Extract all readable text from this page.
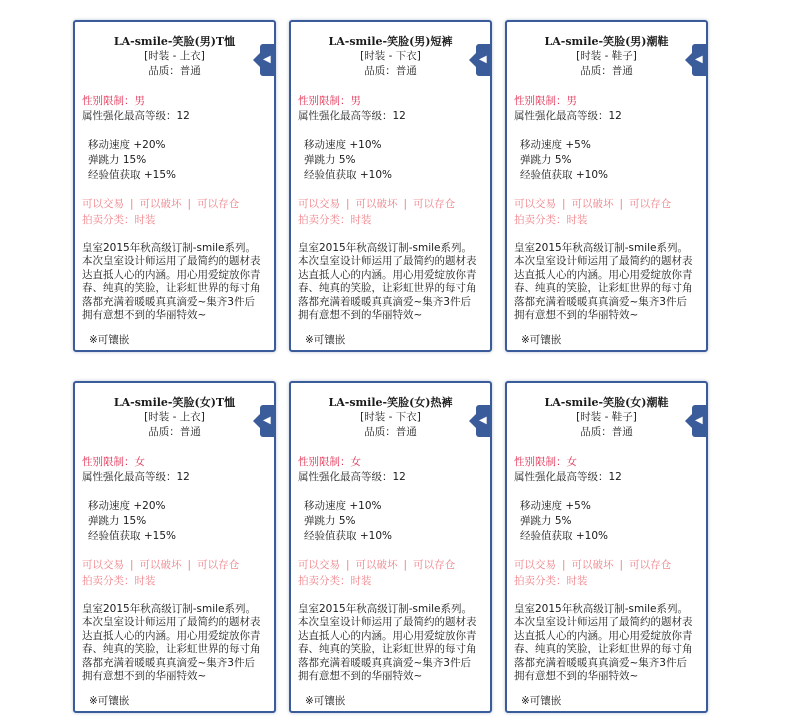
◀
LA-smile-笑脸(男)T恤
[时装 - 上衣]
品质：普通
性别限制：男
属性强化最高等级：12
移动速度 +20%
弹跳力 15%
经验值获取 +15%
可以交易 | 可以破坏 | 可以存仓
拍卖分类：时装
皇室2015年秋高级订制-smile系列。本次皇室设计师运用了最简约的题材表达直抵人心的内涵。用心用爱绽放你青春、纯真的笑脸，让彩虹世界的每寸角落都充满着暖暖真真滴爱~集齐3件后拥有意想不到的华丽特效~
※可镶嵌
◀
LA-smile-笑脸(男)短裤
[时装 - 下衣]
品质：普通
性别限制：男
属性强化最高等级：12
移动速度 +10%
弹跳力 5%
经验值获取 +10%
可以交易 | 可以破坏 | 可以存仓
拍卖分类：时装
皇室2015年秋高级订制-smile系列。本次皇室设计师运用了最简约的题材表达直抵人心的内涵。用心用爱绽放你青春、纯真的笑脸，让彩虹世界的每寸角落都充满着暖暖真真滴爱~集齐3件后拥有意想不到的华丽特效~
※可镶嵌
◀
LA-smile-笑脸(男)潮鞋
[时装 - 鞋子]
品质：普通
性别限制：男
属性强化最高等级：12
移动速度 +5%
弹跳力 5%
经验值获取 +10%
可以交易 | 可以破坏 | 可以存仓
拍卖分类：时装
皇室2015年秋高级订制-smile系列。本次皇室设计师运用了最简约的题材表达直抵人心的内涵。用心用爱绽放你青春、纯真的笑脸，让彩虹世界的每寸角落都充满着暖暖真真滴爱~集齐3件后拥有意想不到的华丽特效~
※可镶嵌
◀
LA-smile-笑脸(女)T恤
[时装 - 上衣]
品质：普通
性别限制：女
属性强化最高等级：12
移动速度 +20%
弹跳力 15%
经验值获取 +15%
可以交易 | 可以破坏 | 可以存仓
拍卖分类：时装
皇室2015年秋高级订制-smile系列。本次皇室设计师运用了最简约的题材表达直抵人心的内涵。用心用爱绽放你青春、纯真的笑脸，让彩虹世界的每寸角落都充满着暖暖真真滴爱~集齐3件后拥有意想不到的华丽特效~
※可镶嵌
◀
LA-smile-笑脸(女)热裤
[时装 - 下衣]
品质：普通
性别限制：女
属性强化最高等级：12
移动速度 +10%
弹跳力 5%
经验值获取 +10%
可以交易 | 可以破坏 | 可以存仓
拍卖分类：时装
皇室2015年秋高级订制-smile系列。本次皇室设计师运用了最简约的题材表达直抵人心的内涵。用心用爱绽放你青春、纯真的笑脸，让彩虹世界的每寸角落都充满着暖暖真真滴爱~集齐3件后拥有意想不到的华丽特效~
※可镶嵌
◀
LA-smile-笑脸(女)潮鞋
[时装 - 鞋子]
品质：普通
性别限制：女
属性强化最高等级：12
移动速度 +5%
弹跳力 5%
经验值获取 +10%
可以交易 | 可以破坏 | 可以存仓
拍卖分类：时装
皇室2015年秋高级订制-smile系列。本次皇室设计师运用了最简约的题材表达直抵人心的内涵。用心用爱绽放你青春、纯真的笑脸，让彩虹世界的每寸角落都充满着暖暖真真滴爱~集齐3件后拥有意想不到的华丽特效~
※可镶嵌
